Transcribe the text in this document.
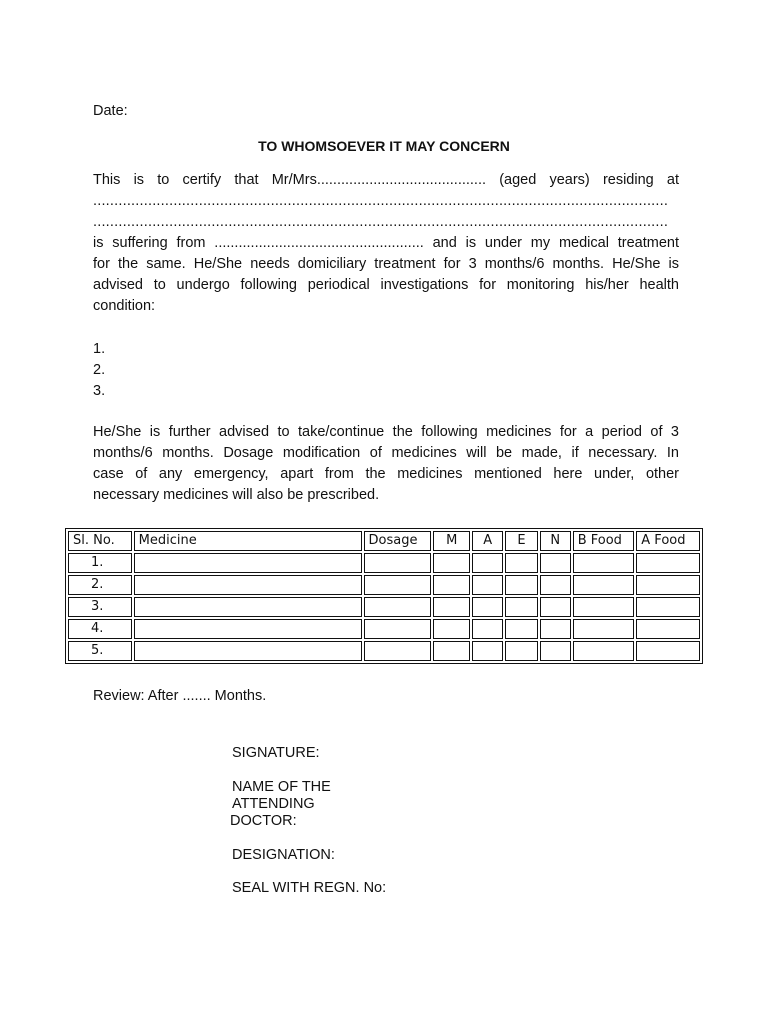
Date:
TO WHOMSOEVER IT MAY CONCERN
This is to certify that Mr/Mrs.......................................... (aged years) residing at
........................................................................................................................................
........................................................................................................................................
is suffering from .................................................... and is under my medical treatment
for the same. He/She needs domiciliary treatment for 3 months/6 months. He/She is
advised to undergo following periodical investigations for monitoring his/her health
condition:
1.
2.
3.
He/She is further advised to take/continue the following medicines for a period of 3
months/6 months. Dosage modification of medicines will be made, if necessary. In
case of any emergency, apart from the medicines mentioned here under, other
necessary medicines will also be prescribed.
Sl. No.	Medicine	Dosage	M	A	E	N	B Food	A Food
1.								
2.								
3.								
4.								
5.								
Review: After ....... Months.
SIGNATURE:
NAME OF THE
ATTENDING
DOCTOR:
DESIGNATION:
SEAL WITH REGN. No:
